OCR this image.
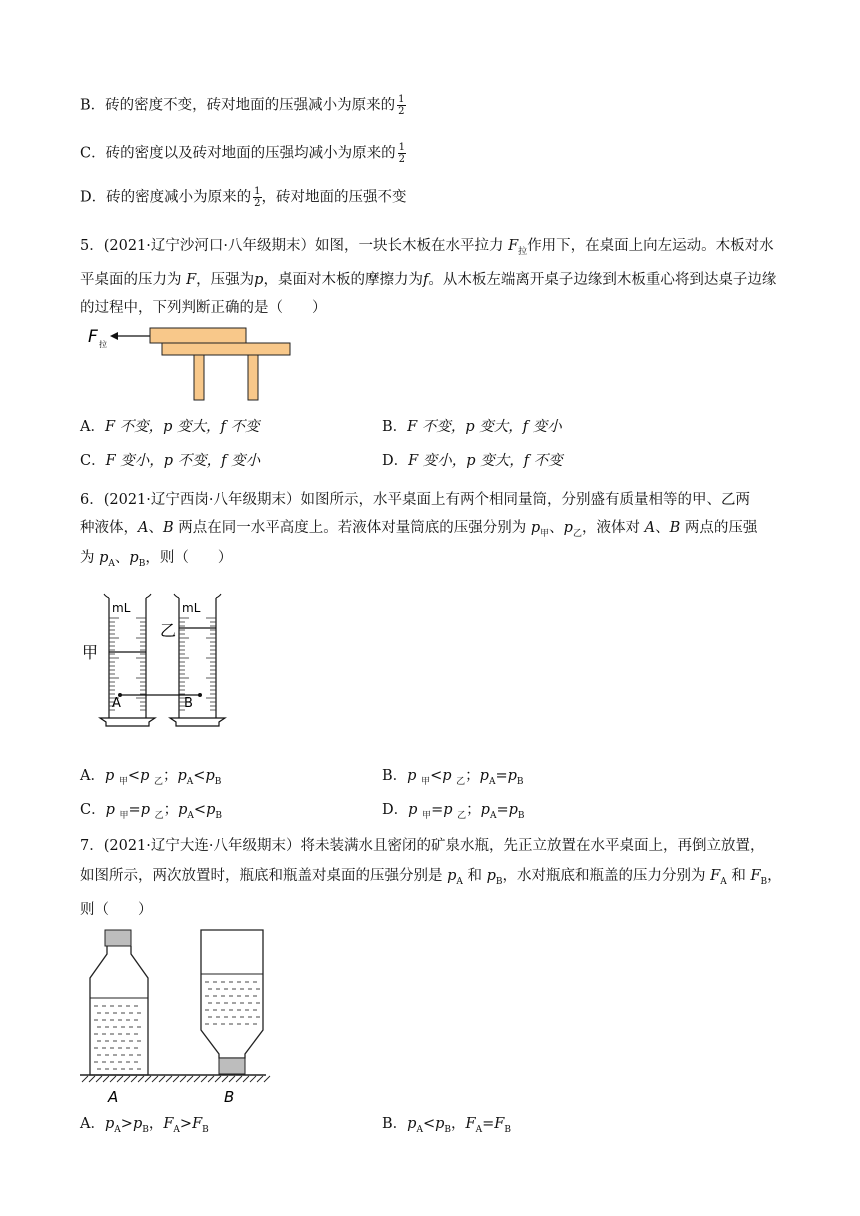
B．砖的密度不变，砖对地面的压强减小为原来的 $\frac{1}{2}$
C．砖的密度以及砖对地面的压强均减小为原来的 $\frac{1}{2}$
D．砖的密度减小为原来的 $\frac{1}{2}$ ，砖对地面的压强不变
5．(2021·辽宁沙河口·八年级期末）如图，一块长木板在水平拉力 $F_拉$作用下，在桌面上向左运动。木板对水平桌面的压力为 F，压强为p，桌面对木板的摩擦力为f。从木板左端离开桌子边缘到木板重心将到达桌子边缘的过程中，下列判断正确的是（　　）
F 拉
A．F 不变，p 变大，f 不变	B．F 不变，p 变大，f 变小
C．F 变小，p 不变，f 变小	D．F 变小，p 变大，f 不变
6．(2021·辽宁西岗·八年级期末）如图所示，水平桌面上有两个相同量筒，分别盛有质量相等的甲、乙两
种液体，A、B 两点在同一水平高度上。若液体对量筒底的压强分别为 $p_甲$、$p_乙$，液体对 A、B 两点的压强
为 $p_A$、$p_B$，则（　　）
甲
mL	mL
乙
A	B
A．p $_甲$<p $_乙$；$p_A<p_B$	B．p $_甲$<p $_乙$；$p_A=p_B$
C．p $_甲$=p $_乙$；$p_A<p_B$	D．p $_甲$=p $_乙$；$p_A=p_B$
7．(2021·辽宁大连·八年级期末）将未装满水且密闭的矿泉水瓶，先正立放置在水平桌面上，再倒立放置，
如图所示，两次放置时，瓶底和瓶盖对桌面的压强分别是 $p_A$ 和 $p_B$，水对瓶底和瓶盖的压力分别为 $F_A$ 和 $F_B$，
则（　　）
A	B
A．$p_A>p_B$，$F_A>F_B$	B．$p_A<p_B$，$F_A=F_B$
